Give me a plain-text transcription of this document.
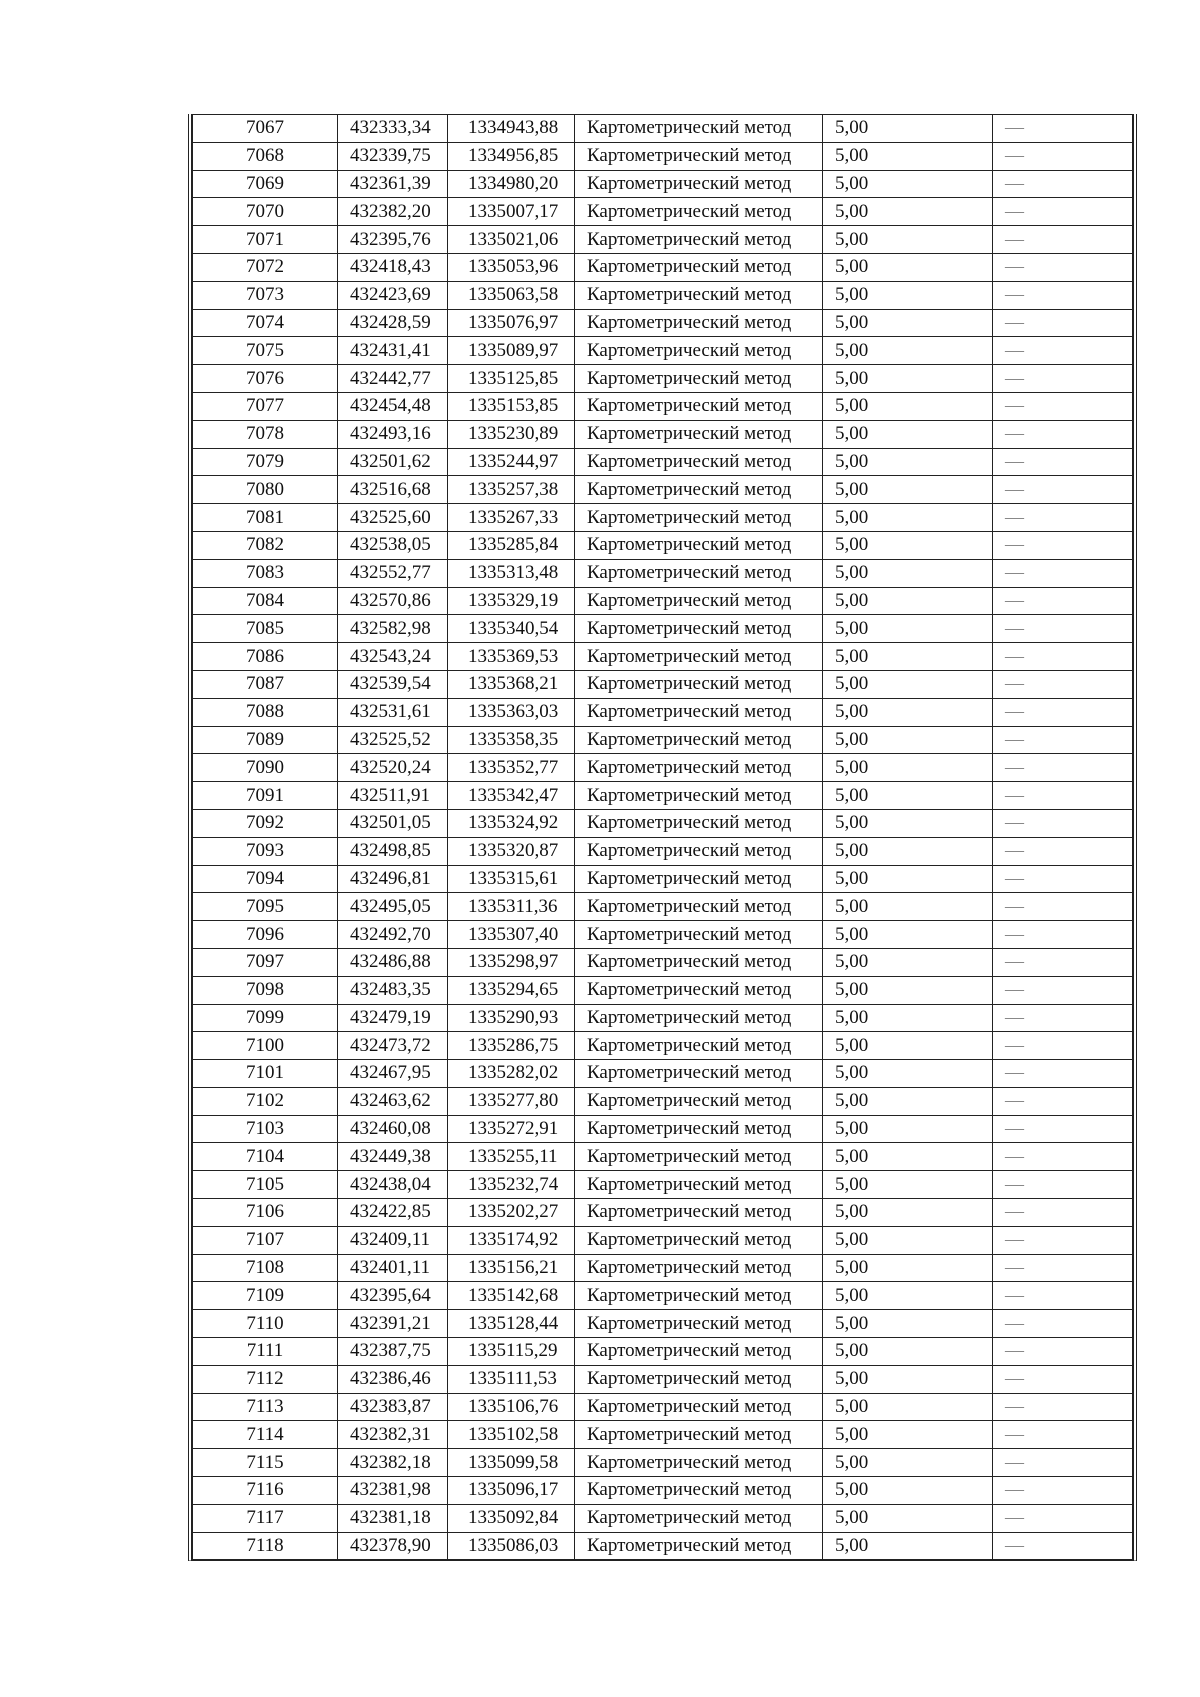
7067	432333,34	1334943,88	Картометрический метод	5,00	—
7068	432339,75	1334956,85	Картометрический метод	5,00	—
7069	432361,39	1334980,20	Картометрический метод	5,00	—
7070	432382,20	1335007,17	Картометрический метод	5,00	—
7071	432395,76	1335021,06	Картометрический метод	5,00	—
7072	432418,43	1335053,96	Картометрический метод	5,00	—
7073	432423,69	1335063,58	Картометрический метод	5,00	—
7074	432428,59	1335076,97	Картометрический метод	5,00	—
7075	432431,41	1335089,97	Картометрический метод	5,00	—
7076	432442,77	1335125,85	Картометрический метод	5,00	—
7077	432454,48	1335153,85	Картометрический метод	5,00	—
7078	432493,16	1335230,89	Картометрический метод	5,00	—
7079	432501,62	1335244,97	Картометрический метод	5,00	—
7080	432516,68	1335257,38	Картометрический метод	5,00	—
7081	432525,60	1335267,33	Картометрический метод	5,00	—
7082	432538,05	1335285,84	Картометрический метод	5,00	—
7083	432552,77	1335313,48	Картометрический метод	5,00	—
7084	432570,86	1335329,19	Картометрический метод	5,00	—
7085	432582,98	1335340,54	Картометрический метод	5,00	—
7086	432543,24	1335369,53	Картометрический метод	5,00	—
7087	432539,54	1335368,21	Картометрический метод	5,00	—
7088	432531,61	1335363,03	Картометрический метод	5,00	—
7089	432525,52	1335358,35	Картометрический метод	5,00	—
7090	432520,24	1335352,77	Картометрический метод	5,00	—
7091	432511,91	1335342,47	Картометрический метод	5,00	—
7092	432501,05	1335324,92	Картометрический метод	5,00	—
7093	432498,85	1335320,87	Картометрический метод	5,00	—
7094	432496,81	1335315,61	Картометрический метод	5,00	—
7095	432495,05	1335311,36	Картометрический метод	5,00	—
7096	432492,70	1335307,40	Картометрический метод	5,00	—
7097	432486,88	1335298,97	Картометрический метод	5,00	—
7098	432483,35	1335294,65	Картометрический метод	5,00	—
7099	432479,19	1335290,93	Картометрический метод	5,00	—
7100	432473,72	1335286,75	Картометрический метод	5,00	—
7101	432467,95	1335282,02	Картометрический метод	5,00	—
7102	432463,62	1335277,80	Картометрический метод	5,00	—
7103	432460,08	1335272,91	Картометрический метод	5,00	—
7104	432449,38	1335255,11	Картометрический метод	5,00	—
7105	432438,04	1335232,74	Картометрический метод	5,00	—
7106	432422,85	1335202,27	Картометрический метод	5,00	—
7107	432409,11	1335174,92	Картометрический метод	5,00	—
7108	432401,11	1335156,21	Картометрический метод	5,00	—
7109	432395,64	1335142,68	Картометрический метод	5,00	—
7110	432391,21	1335128,44	Картометрический метод	5,00	—
7111	432387,75	1335115,29	Картометрический метод	5,00	—
7112	432386,46	1335111,53	Картометрический метод	5,00	—
7113	432383,87	1335106,76	Картометрический метод	5,00	—
7114	432382,31	1335102,58	Картометрический метод	5,00	—
7115	432382,18	1335099,58	Картометрический метод	5,00	—
7116	432381,98	1335096,17	Картометрический метод	5,00	—
7117	432381,18	1335092,84	Картометрический метод	5,00	—
7118	432378,90	1335086,03	Картометрический метод	5,00	—
